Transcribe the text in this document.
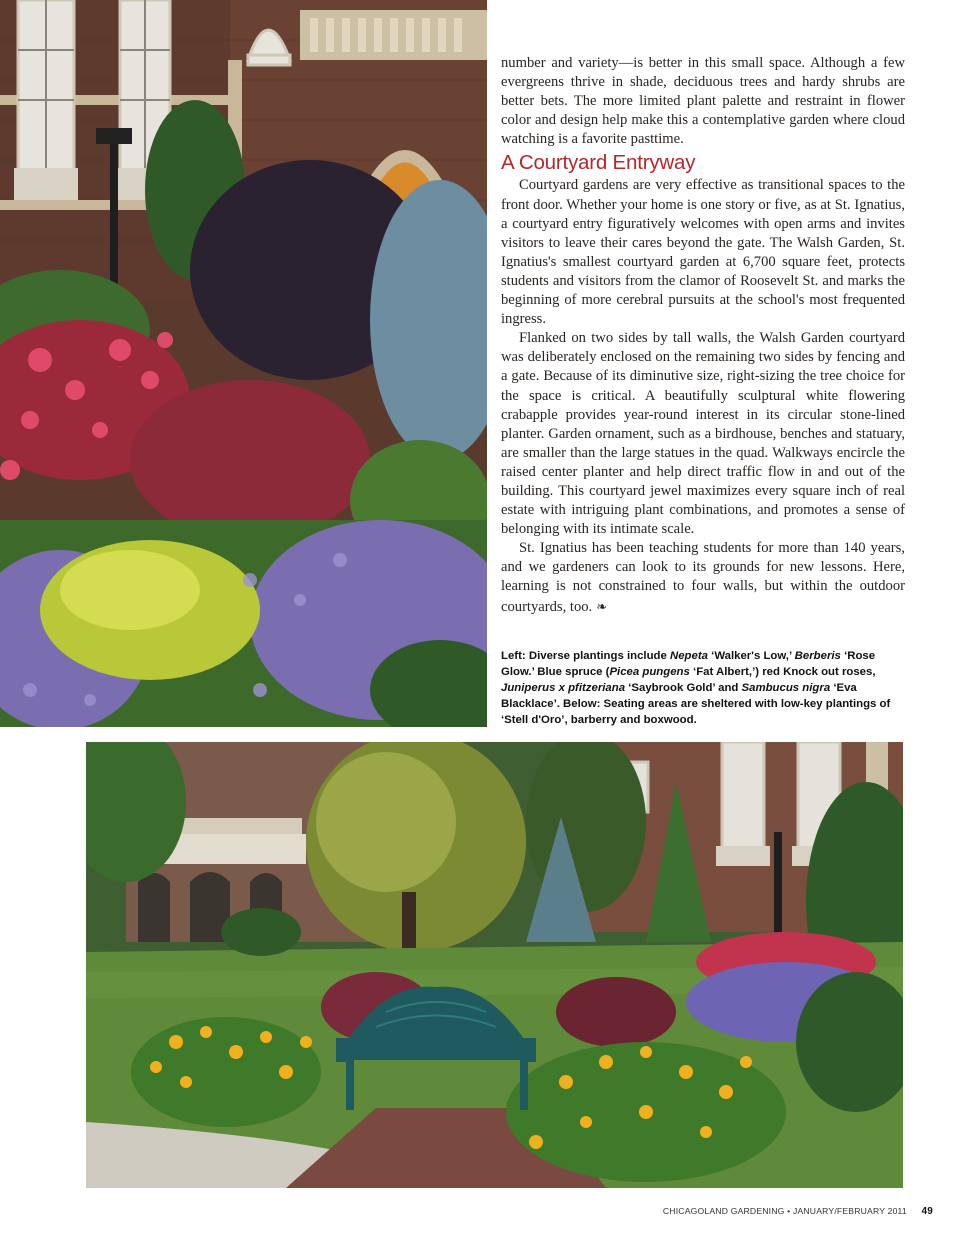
number and variety—is better in this small space. Although a few evergreens thrive in shade, deciduous trees and hardy shrubs are better bets. The more limited plant palette and restraint in flower color and design help make this a contemplative garden where cloud watching is a favorite pasttime.

A Courtyard Entryway

Courtyard gardens are very effective as transitional spaces to the front door. Whether your home is one story or five, as at St. Ignatius, a courtyard entry figuratively welcomes with open arms and invites visitors to leave their cares beyond the gate. The Walsh Garden, St. Ignatius's smallest courtyard garden at 6,700 square feet, protects students and visitors from the clamor of Roosevelt St. and marks the beginning of more cerebral pursuits at the school's most frequented ingress.

Flanked on two sides by tall walls, the Walsh Garden courtyard was deliberately enclosed on the remaining two sides by fencing and a gate. Because of its diminutive size, right-sizing the tree choice for the space is critical. A beautifully sculptural white flowering crabapple provides year-round interest in its circular stone-lined planter. Garden ornament, such as a birdhouse, benches and statuary, are smaller than the large statues in the quad. Walkways encircle the raised center planter and help direct traffic flow in and out of the building. This courtyard jewel maximizes every square inch of real estate with intriguing plant combinations, and promotes a sense of belonging with its intimate scale.

St. Ignatius has been teaching students for more than 140 years, and we gardeners can look to its grounds for new lessons. Here, learning is not constrained to four walls, but within the outdoor courtyards, too. ❧

Left: Diverse plantings include Nepeta ‘Walker's Low,’ Berberis ‘Rose Glow.’ Blue spruce (Picea pungens ‘Fat Albert,’) red Knock out roses, Juniperus x pfitzeriana ‘Saybrook Gold’ and Sambucus nigra ‘Eva Blacklace’. Below: Seating areas are sheltered with low-key plantings of ‘Stell d'Oro’, barberry and boxwood.
CHICAGOLAND GARDENING • JANUARY/FEBRUARY 2011 49
